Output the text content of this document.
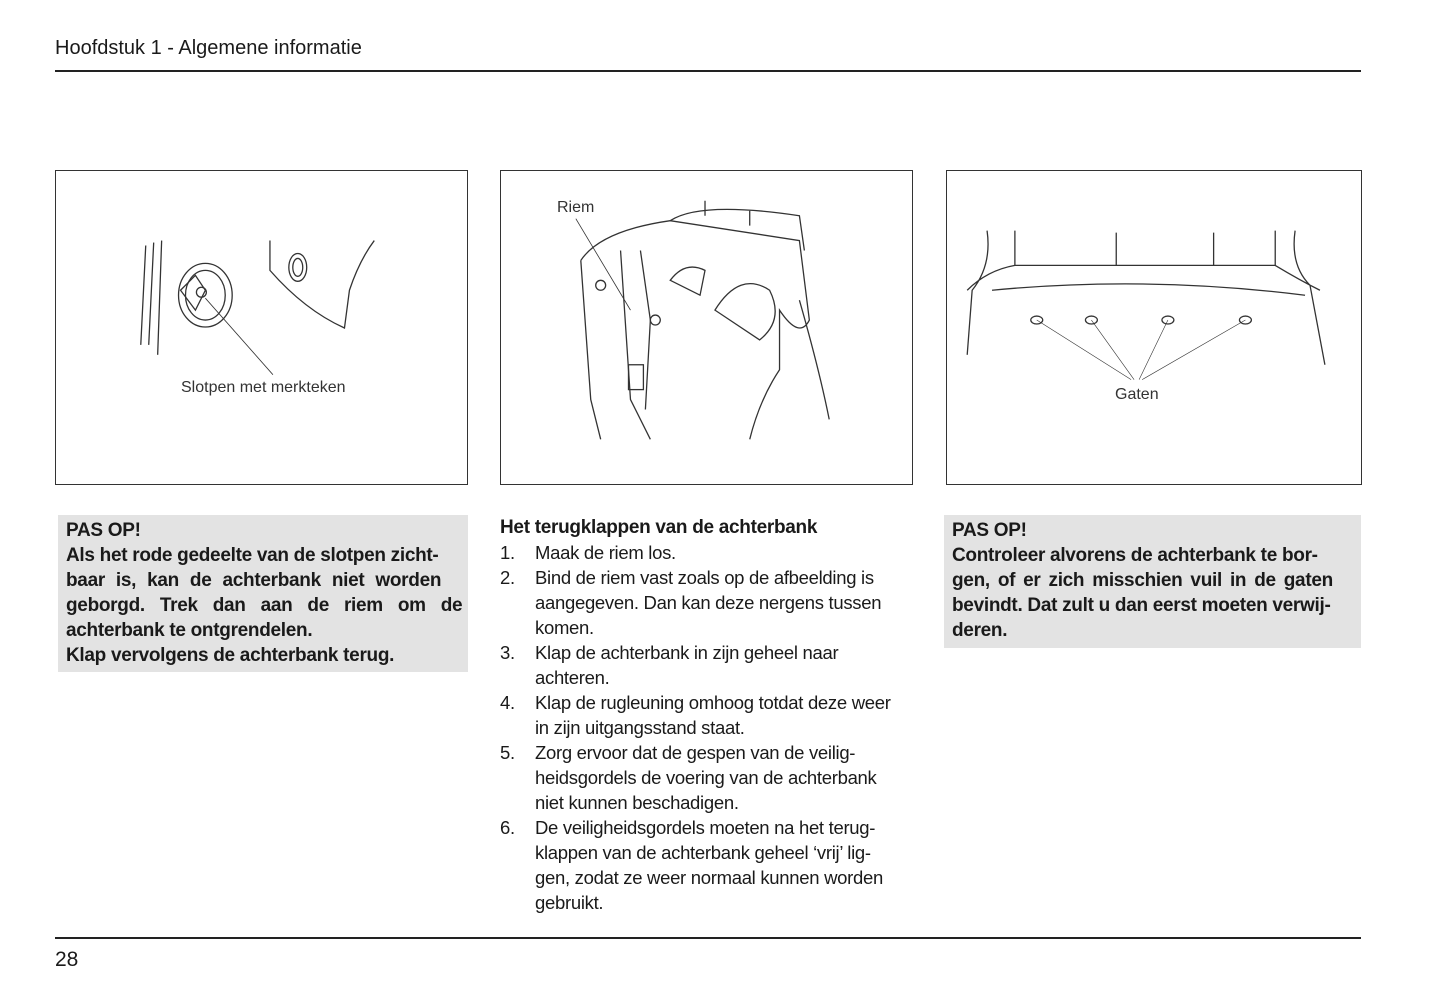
Hoofdstuk 1 - Algemene informatie
Slotpen met merkteken
Riem
Gaten
PAS OP!
Als het rode gedeelte van de slotpen zicht-
baar is, kan de achterbank niet worden
geborgd. Trek dan aan de riem om de
achterbank te ontgrendelen.
Klap vervolgens de achterbank terug.
Het terugklappen van de achterbank
1.	Maak de riem los.
2.	Bind de riem vast zoals op de afbeelding is
aangegeven. Dan kan deze nergens tussen
komen.
3.	Klap de achterbank in zijn geheel naar
achteren.
4.	Klap de rugleuning omhoog totdat deze weer
in zijn uitgangsstand staat.
5.	Zorg ervoor dat de gespen van de veilig-
heidsgordels de voering van de achterbank
niet kunnen beschadigen.
6.	De veiligheidsgordels moeten na het terug-
klappen van de achterbank geheel ‘vrij’ lig-
gen, zodat ze weer normaal kunnen worden
gebruikt.
PAS OP!
Controleer alvorens de achterbank te bor-
gen, of er zich misschien vuil in de gaten
bevindt. Dat zult u dan eerst moeten verwij-
deren.
28
